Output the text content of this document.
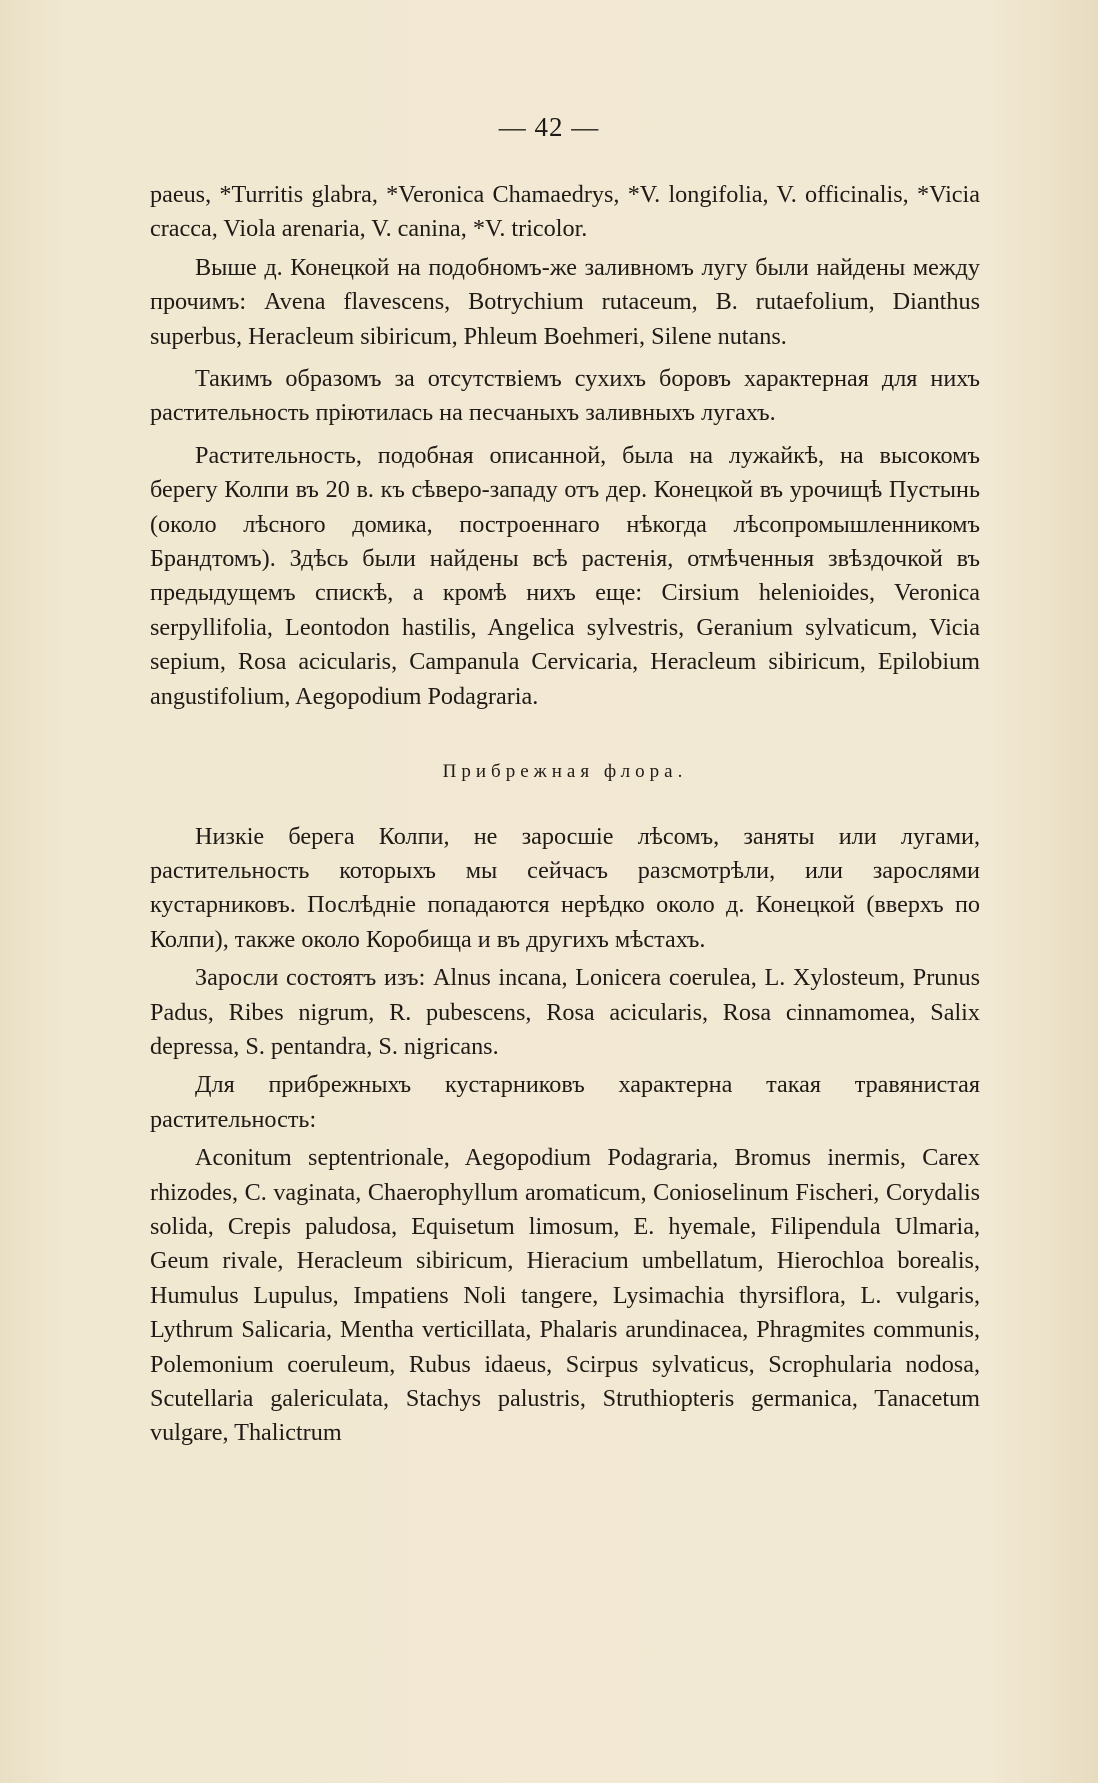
— 42 —

paeus, *Turritis glabra, *Veronica Chamaedrys, *V. longifolia, V. officinalis, *Vicia cracca, Viola arenaria, V. canina, *V. tricolor.

Выше д. Конецкой на подобномъ-же заливномъ лугу были найдены между прочимъ: Avena flavescens, Botrychium rutaceum, B. rutaefolium, Dianthus superbus, Heracleum sibiricum, Phleum Boehmeri, Silene nutans.

Такимъ образомъ за отсутствіемъ сухихъ боровъ характерная для нихъ растительность пріютилась на песчаныхъ заливныхъ лугахъ.

Растительность, подобная описанной, была на лужайкѣ, на высокомъ берегу Колпи въ 20 в. къ сѣверо-западу отъ дер. Конецкой въ урочищѣ Пустынь (около лѣсного домика, построеннаго нѣкогда лѣсопромышленникомъ Брандтомъ). Здѣсь были найдены всѣ растенія, отмѣченныя звѣздочкой въ предыдущемъ спискѣ, а кромѣ нихъ еще: Cirsium helenioides, Veronica serpyllifolia, Leontodon hastilis, Angelica sylvestris, Geranium sylvaticum, Vicia sepium, Rosa acicularis, Campanula Cervicaria, Heracleum sibiricum, Epilobium angustifolium, Aegopodium Podagraria.

Прибрежная флора.

Низкіе берега Колпи, не заросшіе лѣсомъ, заняты или лугами, растительность которыхъ мы сейчасъ разсмотрѣли, или зарослями кустарниковъ. Послѣдніе попадаются нерѣдко около д. Конецкой (вверхъ по Колпи), также около Коробища и въ другихъ мѣстахъ.

Заросли состоятъ изъ: Alnus incana, Lonicera coerulea, L. Xylosteum, Prunus Padus, Ribes nigrum, R. pubescens, Rosa acicularis, Rosa cinnamomea, Salix depressa, S. pentandra, S. nigricans.

Для прибрежныхъ кустарниковъ характерна такая травянистая растительность:

Aconitum septentrionale, Aegopodium Podagraria, Bromus inermis, Carex rhizodes, C. vaginata, Chaerophyllum aromaticum, Conioselinum Fischeri, Corydalis solida, Crepis paludosa, Equisetum limosum, E. hyemale, Filipendula Ulmaria, Geum rivale, Heracleum sibiricum, Hieracium umbellatum, Hierochloa borealis, Humulus Lupulus, Impatiens Noli tangere, Lysimachia thyrsiflora, L. vulgaris, Lythrum Salicaria, Mentha verticillata, Phalaris arundinacea, Phragmites communis, Polemonium coeruleum, Rubus idaeus, Scirpus sylvaticus, Scrophularia nodosa, Scutellaria galericulata, Stachys palustris, Struthiopteris germanica, Tanacetum vulgare, Thalictrum
